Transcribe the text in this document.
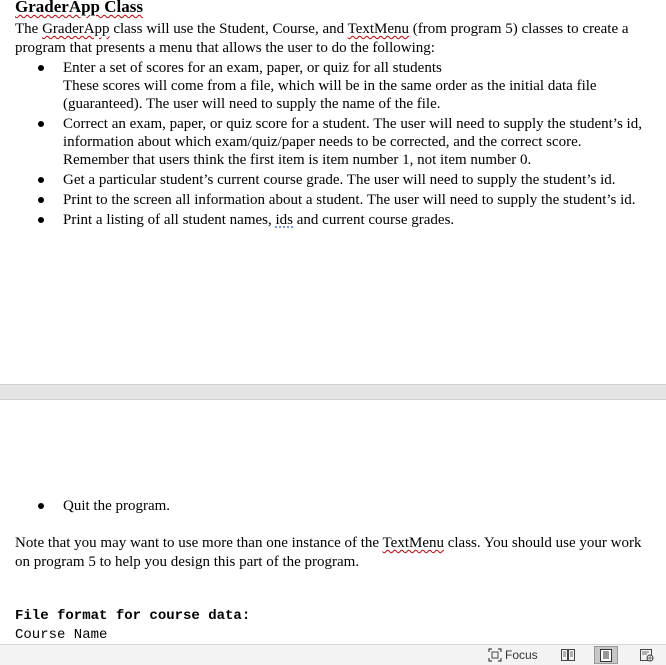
GraderApp Class

The GraderApp class will use the Student, Course, and TextMenu (from program 5) classes to create a program that presents a menu that allows the user to do the following:

Enter a set of scores for an exam, paper, or quiz for all students
These scores will come from a file, which will be in the same order as the initial data file (guaranteed). The user will need to supply the name of the file.
Correct an exam, paper, or quiz score for a student. The user will need to supply the student’s id, information about which exam/quiz/paper needs to be corrected, and the correct score. Remember that users think the first item is item number 1, not item number 0.
Get a particular student’s current course grade. The user will need to supply the student’s id.
Print to the screen all information about a student. The user will need to supply the student’s id.
Print a listing of all student names, ids and current course grades.
Quit the program.

Note that you may want to use more than one instance of the TextMenu class. You should use your work on program 5 to help you design this part of the program.

File format for course data:

Course Name

Focus
